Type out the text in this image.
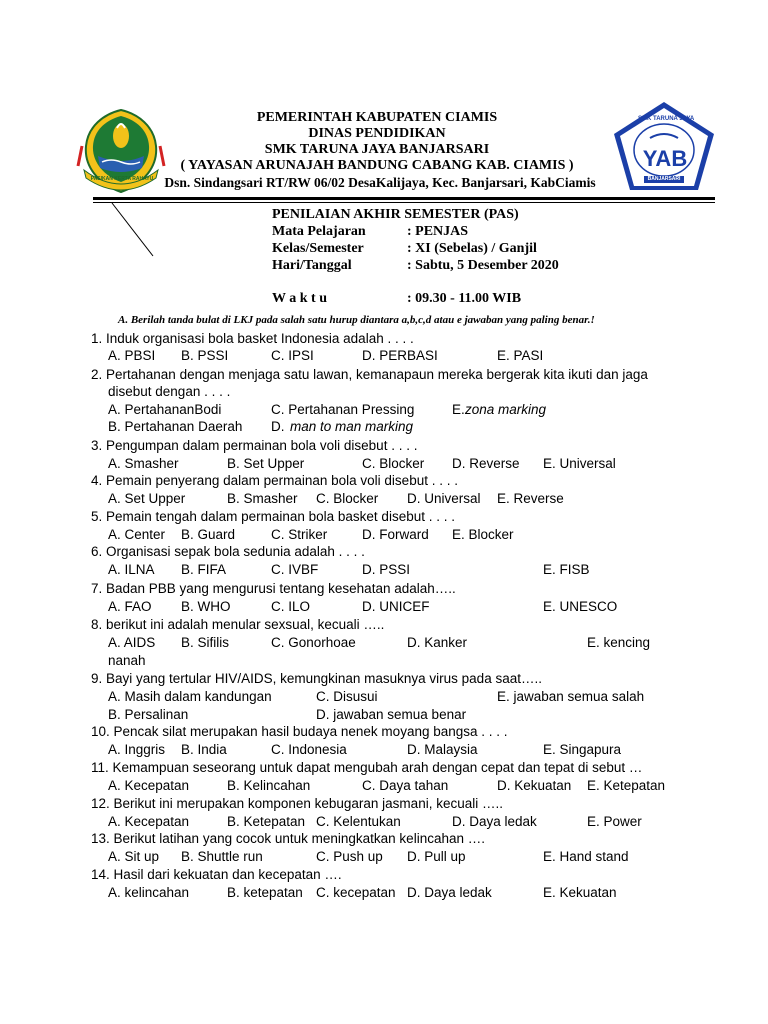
PASIKAN KERTA RAHAYU
SMK TARUNA JAYA
YAB
BANJARSARI
PEMERINTAH KABUPATEN CIAMIS
DINAS PENDIDIKAN
SMK TARUNA JAYA BANJARSARI
( YAYASAN ARUNAJAH BANDUNG CABANG KAB. CIAMIS )
Dsn. Sindangsari RT/RW 06/02 DesaKalijaya, Kec. Banjarsari, KabCiamis
PENILAIAN AKHIR SEMESTER (PAS)
Mata Pelajaran	: PENJAS
Kelas/Semester	: XI (Sebelas) / Ganjil
Hari/Tanggal	: Sabtu, 5 Desember 2020
W a k t u	: 09.30 - 11.00 WIB
A. Berilah tanda bulat di LKJ pada salah satu hurup diantara a,b,c,d atau e jawaban yang paling benar.!
1. Induk organisasi bola basket Indonesia adalah . . . .
A. PBSI B. PSSI	C. IPSI	D. PERBASI	E. PASI
2. Pertahanan dengan menjaga satu lawan, kemanapaun mereka bergerak kita ikuti dan jaga
disebut dengan . . . .
A. PertahananBodi	C. Pertahanan Pressing	E. zona marking
B. Pertahanan Daerah D. man to man marking
3. Pengumpan dalam permainan bola voli disebut . . . .
A. Smasher	B. Set Upper	C. Blocker D. Reverse E. Universal
4. Pemain penyerang dalam permainan bola voli disebut . . . .
A. Set Upper	B. Smasher C. Blocker D. Universal E. Reverse
5. Pemain tengah dalam permainan bola basket disebut . . . .
A. Center B. Guard	C. Striker	D. Forward E. Blocker
6. Organisasi sepak bola sedunia adalah . . . .
A. ILNA B. FIFA	C. IVBF	D. PSSI	E. FISB
7. Badan PBB yang mengurusi tentang kesehatan adalah…..
A. FAO B. WHO	C. ILO	D. UNICEF	E. UNESCO
8. berikut ini adalah menular sexsual, kecuali …..
A. AIDS B. Sifilis	C. Gonorhoae	D. Kanker	E. kencing
nanah
9. Bayi yang tertular HIV/AIDS, kemungkinan masuknya virus pada saat…..
A. Masih dalam kandungan	C. Disusui	E. jawaban semua salah
B. Persalinan	D. jawaban semua benar
10. Pencak silat merupakan hasil budaya nenek moyang bangsa . . . .
A. Inggris B. India	C. Indonesia	D. Malaysia	E. Singapura
11. Kemampuan seseorang untuk dapat mengubah arah dengan cepat dan tepat di sebut …
A. Kecepatan	B. Kelincahan	C. Daya tahan	D. Kekuatan E. Ketepatan
12. Berikut ini merupakan komponen kebugaran jasmani, kecuali …..
A. Kecepatan	B. Ketepatan C. Kelentukan	D. Daya ledak	E. Power
13. Berikut latihan yang cocok untuk meningkatkan kelincahan ….
A. Sit up B. Shuttle run	C. Push up D. Pull up	E. Hand stand
14. Hasil dari kekuatan dan kecepatan ….
A. kelincahan	B. ketepatan C. kecepatan D. Daya ledak	E. Kekuatan
